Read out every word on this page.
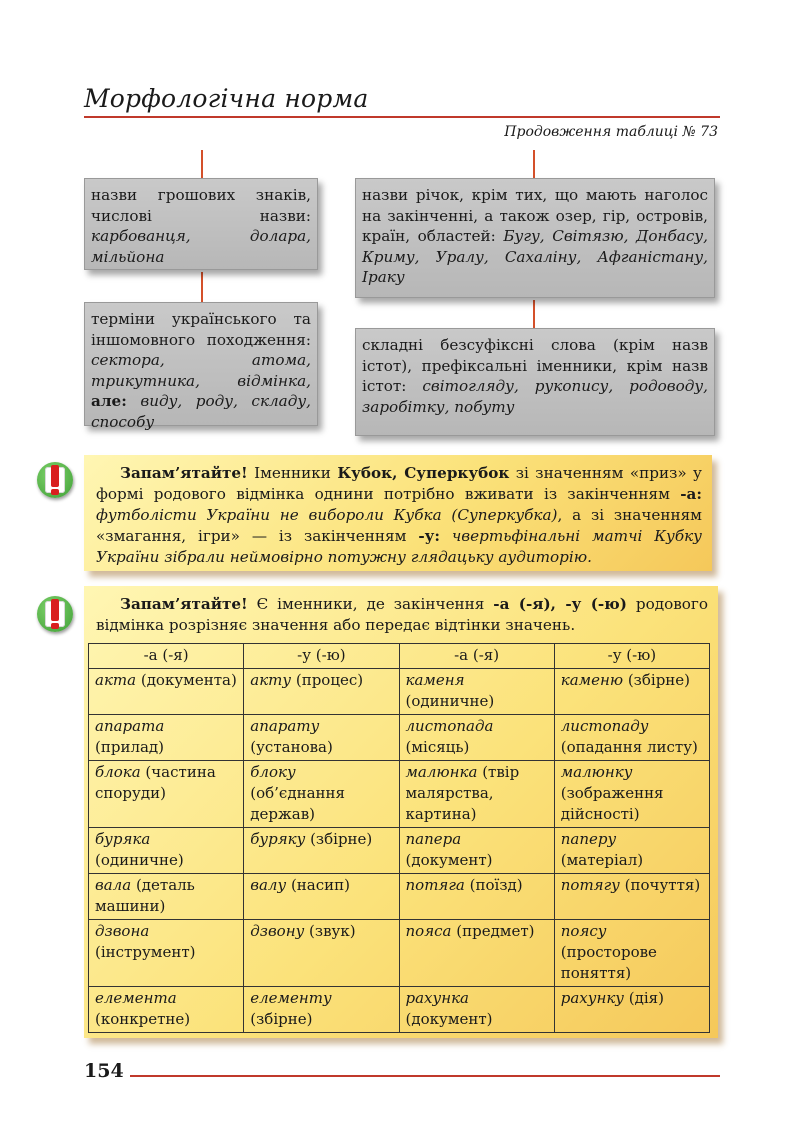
Морфологічна норма
Продовження таблиці № 73
назви грошових знаків, числові назви: карбованця, долара, мільйона
терміни українського та іншомовного походження: сектора, атома, трикутника, відмінка, але: виду, роду, складу, способу
назви річок, крім тих, що мають наголос на закінченні, а також озер, гір, островів, країн, областей: Бугу, Світязю, Донбасу, Криму, Уралу, Сахаліну, Афганістану, Іраку
складні безсуфіксні слова (крім назв істот), префіксальні іменники, крім назв істот: світогляду, рукопису, родоводу, заробітку, побуту
Запам’ятайте! Іменники Кубок, Суперкубок зі значенням «приз» у формі родового відмінка однини потрібно вживати із закінченням -а: футболісти України не виборoли Кубка (Суперкубка), а зі значенням «змагання, ігри» — із закінченням -у: чвертьфінальні матчі Кубку України зібрали неймовірно потужну глядацьку аудиторію.
Запам’ятайте! Є іменники, де закінчення -а (-я), -у (-ю) родового відмінка розрізняє значення або передає відтінки значень.
-а (-я)	-у (-ю)	-а (-я)	-у (-ю)
акта (документа)	акту (процес)	каменя (одиничне)	каменю (збірне)
апарата (прилад)	апарату (установа)	листопада (місяць)	листопаду (опадання листу)
блока (частина споруди)	блоку (об’єднання держав)	малюнка (твір малярства, картина)	малюнку (зображення дійсності)
буряка (одиничне)	буряку (збірне)	папера (документ)	паперу (матеріал)
вала (деталь машини)	валу (насип)	потяга (поїзд)	потягу (почуття)
дзвона (інструмент)	дзвону (звук)	пояса (предмет)	поясу (просторове поняття)
елемента (конкретне)	елементу (збірне)	рахунка (документ)	рахунку (дія)
154
